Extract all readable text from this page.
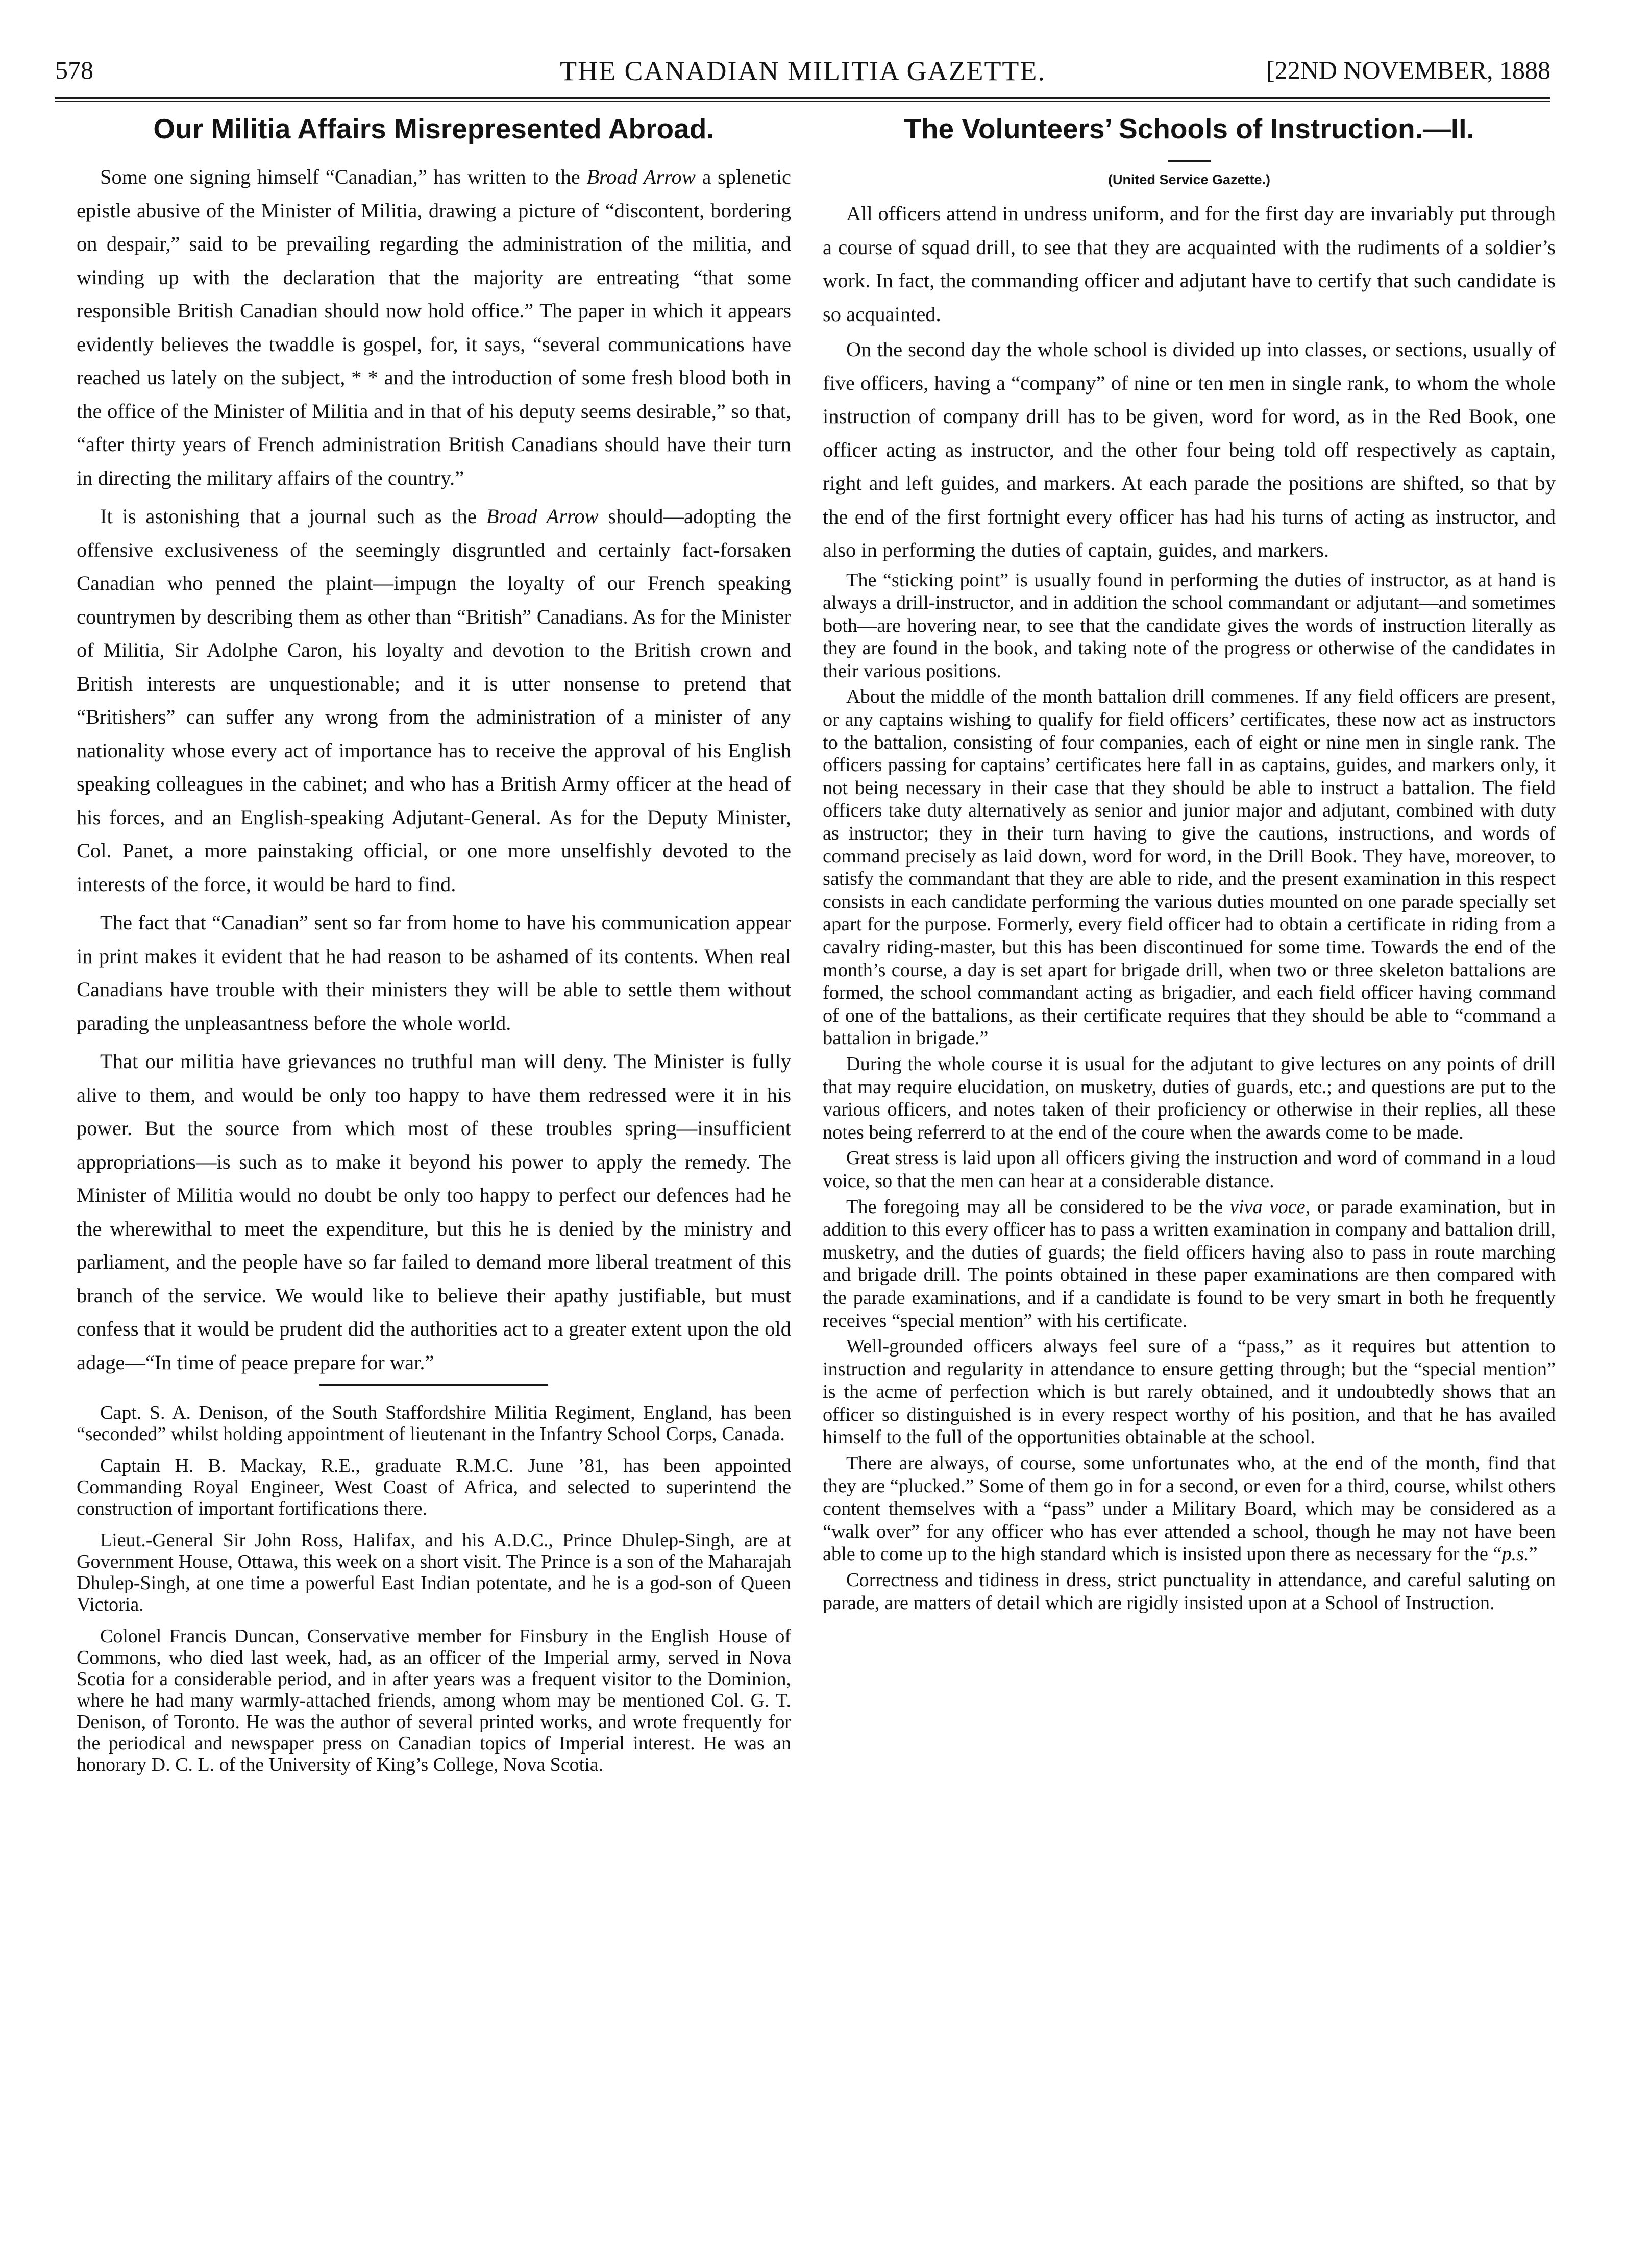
578	THE CANADIAN MILITIA GAZETTE.	[22ND NOVEMBER, 1888
Our Militia Affairs Misrepresented Abroad.

Some one signing himself “Canadian,” has written to the Broad Arrow a splenetic epistle abusive of the Minister of Militia, drawing a picture of “discontent, bordering on despair,” said to be prevailing regarding the administration of the militia, and winding up with the declaration that the majority are entreating “that some responsible British Canadian should now hold office.” The paper in which it appears evidently believes the twaddle is gospel, for, it says, “several communications have reached us lately on the subject, * * and the introduction of some fresh blood both in the office of the Minister of Militia and in that of his deputy seems desirable,” so that, “after thirty years of French administration British Canadians should have their turn in directing the military affairs of the country.”

It is astonishing that a journal such as the Broad Arrow should—adopting the offensive exclusiveness of the seemingly disgruntled and certainly fact-forsaken Canadian who penned the plaint—impugn the loyalty of our French speaking countrymen by describing them as other than “British” Canadians. As for the Minister of Militia, Sir Adolphe Caron, his loyalty and devotion to the British crown and British interests are unquestionable; and it is utter nonsense to pretend that “Britishers” can suffer any wrong from the administration of a minister of any nationality whose every act of importance has to receive the approval of his English speaking colleagues in the cabinet; and who has a British Army officer at the head of his forces, and an English-speaking Adjutant-General. As for the Deputy Minister, Col. Panet, a more painstaking official, or one more unselfishly devoted to the interests of the force, it would be hard to find.

The fact that “Canadian” sent so far from home to have his communication appear in print makes it evident that he had reason to be ashamed of its contents. When real Canadians have trouble with their ministers they will be able to settle them without parading the unpleasantness before the whole world.

That our militia have grievances no truthful man will deny. The Minister is fully alive to them, and would be only too happy to have them redressed were it in his power. But the source from which most of these troubles spring—insufficient appropriations—is such as to make it beyond his power to apply the remedy. The Minister of Militia would no doubt be only too happy to perfect our defences had he the wherewithal to meet the expenditure, but this he is denied by the ministry and parliament, and the people have so far failed to demand more liberal treatment of this branch of the service. We would like to believe their apathy justifiable, but must confess that it would be prudent did the authorities act to a greater extent upon the old adage—“In time of peace prepare for war.”

Capt. S. A. Denison, of the South Staffordshire Militia Regiment, England, has been “seconded” whilst holding appointment of lieutenant in the Infantry School Corps, Canada.

Captain H. B. Mackay, R.E., graduate R.M.C. June ’81, has been appointed Commanding Royal Engineer, West Coast of Africa, and selected to superintend the construction of important fortifications there.

Lieut.-General Sir John Ross, Halifax, and his A.D.C., Prince Dhulep-Singh, are at Government House, Ottawa, this week on a short visit. The Prince is a son of the Maharajah Dhulep-Singh, at one time a powerful East Indian potentate, and he is a god-son of Queen Victoria.

Colonel Francis Duncan, Conservative member for Finsbury in the English House of Commons, who died last week, had, as an officer of the Imperial army, served in Nova Scotia for a considerable period, and in after years was a frequent visitor to the Dominion, where he had many warmly-attached friends, among whom may be mentioned Col. G. T. Denison, of Toronto. He was the author of several printed works, and wrote frequently for the periodical and newspaper press on Canadian topics of Imperial interest. He was an honorary D. C. L. of the University of King’s College, Nova Scotia.

The Volunteers’ Schools of Instruction.—II.
(United Service Gazette.)

All officers attend in undress uniform, and for the first day are invariably put through a course of squad drill, to see that they are acquainted with the rudiments of a soldier’s work. In fact, the commanding officer and adjutant have to certify that such candidate is so acquainted.

On the second day the whole school is divided up into classes, or sections, usually of five officers, having a “company” of nine or ten men in single rank, to whom the whole instruction of company drill has to be given, word for word, as in the Red Book, one officer acting as instructor, and the other four being told off respectively as captain, right and left guides, and markers. At each parade the positions are shifted, so that by the end of the first fortnight every officer has had his turns of acting as instructor, and also in performing the duties of captain, guides, and markers.

The “sticking point” is usually found in performing the duties of instructor, as at hand is always a drill-instructor, and in addition the school commandant or adjutant—and sometimes both—are hovering near, to see that the candidate gives the words of instruction literally as they are found in the book, and taking note of the progress or otherwise of the candidates in their various positions.

About the middle of the month battalion drill commenes. If any field officers are present, or any captains wishing to qualify for field officers’ certificates, these now act as instructors to the battalion, consisting of four companies, each of eight or nine men in single rank. The officers passing for captains’ certificates here fall in as captains, guides, and markers only, it not being necessary in their case that they should be able to instruct a battalion. The field officers take duty alternatively as senior and junior major and adjutant, combined with duty as instructor; they in their turn having to give the cautions, instructions, and words of command precisely as laid down, word for word, in the Drill Book. They have, moreover, to satisfy the commandant that they are able to ride, and the present examination in this respect consists in each candidate performing the various duties mounted on one parade specially set apart for the purpose. Formerly, every field officer had to obtain a certificate in riding from a cavalry riding-master, but this has been discontinued for some time. Towards the end of the month’s course, a day is set apart for brigade drill, when two or three skeleton battalions are formed, the school commandant acting as brigadier, and each field officer having command of one of the battalions, as their certificate requires that they should be able to “command a battalion in brigade.”

During the whole course it is usual for the adjutant to give lectures on any points of drill that may require elucidation, on musketry, duties of guards, etc.; and questions are put to the various officers, and notes taken of their proficiency or otherwise in their replies, all these notes being referrerd to at the end of the coure when the awards come to be made.

Great stress is laid upon all officers giving the instruction and word of command in a loud voice, so that the men can hear at a considerable distance.

The foregoing may all be considered to be the viva voce, or parade examination, but in addition to this every officer has to pass a written examination in company and battalion drill, musketry, and the duties of guards; the field officers having also to pass in route marching and brigade drill. The points obtained in these paper examinations are then compared with the parade examinations, and if a candidate is found to be very smart in both he frequently receives “special mention” with his certificate.

Well-grounded officers always feel sure of a “pass,” as it requires but attention to instruction and regularity in attendance to ensure getting through; but the “special mention” is the acme of perfection which is but rarely obtained, and it undoubtedly shows that an officer so distinguished is in every respect worthy of his position, and that he has availed himself to the full of the opportunities obtainable at the school.

There are always, of course, some unfortunates who, at the end of the month, find that they are “plucked.” Some of them go in for a second, or even for a third, course, whilst others content themselves with a “pass” under a Military Board, which may be considered as a “walk over” for any officer who has ever attended a school, though he may not have been able to come up to the high standard which is insisted upon there as necessary for the “p.s.”

Correctness and tidiness in dress, strict punctuality in attendance, and careful saluting on parade, are matters of detail which are rigidly insisted upon at a School of Instruction.
